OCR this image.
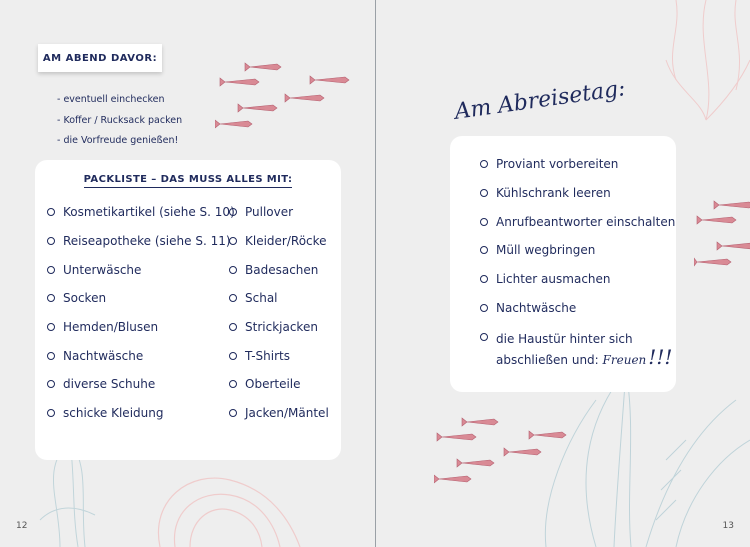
AM ABEND DAVOR:
- eventuell einchecken
- Koffer / Rucksack packen
- die Vorfreude genießen!
PACKLISTE – DAS MUSS ALLES MIT:
Kosmetikartikel (siehe S. 10)
Reiseapotheke (siehe S. 11)
Unterwäsche
Socken
Hemden/Blusen
Nachtwäsche
diverse Schuhe
schicke Kleidung
Pullover
Kleider/Röcke
Badesachen
Schal
Strickjacken
T-Shirts
Oberteile
Jacken/Mäntel
12
Am Abreisetag:
Proviant vorbereiten
Kühlschrank leeren
Anrufbeantworter einschalten
Müll wegbringen
Lichter ausmachen
Nachtwäsche
die Haustür hinter sich
abschließen und: Freuen !!!
13
